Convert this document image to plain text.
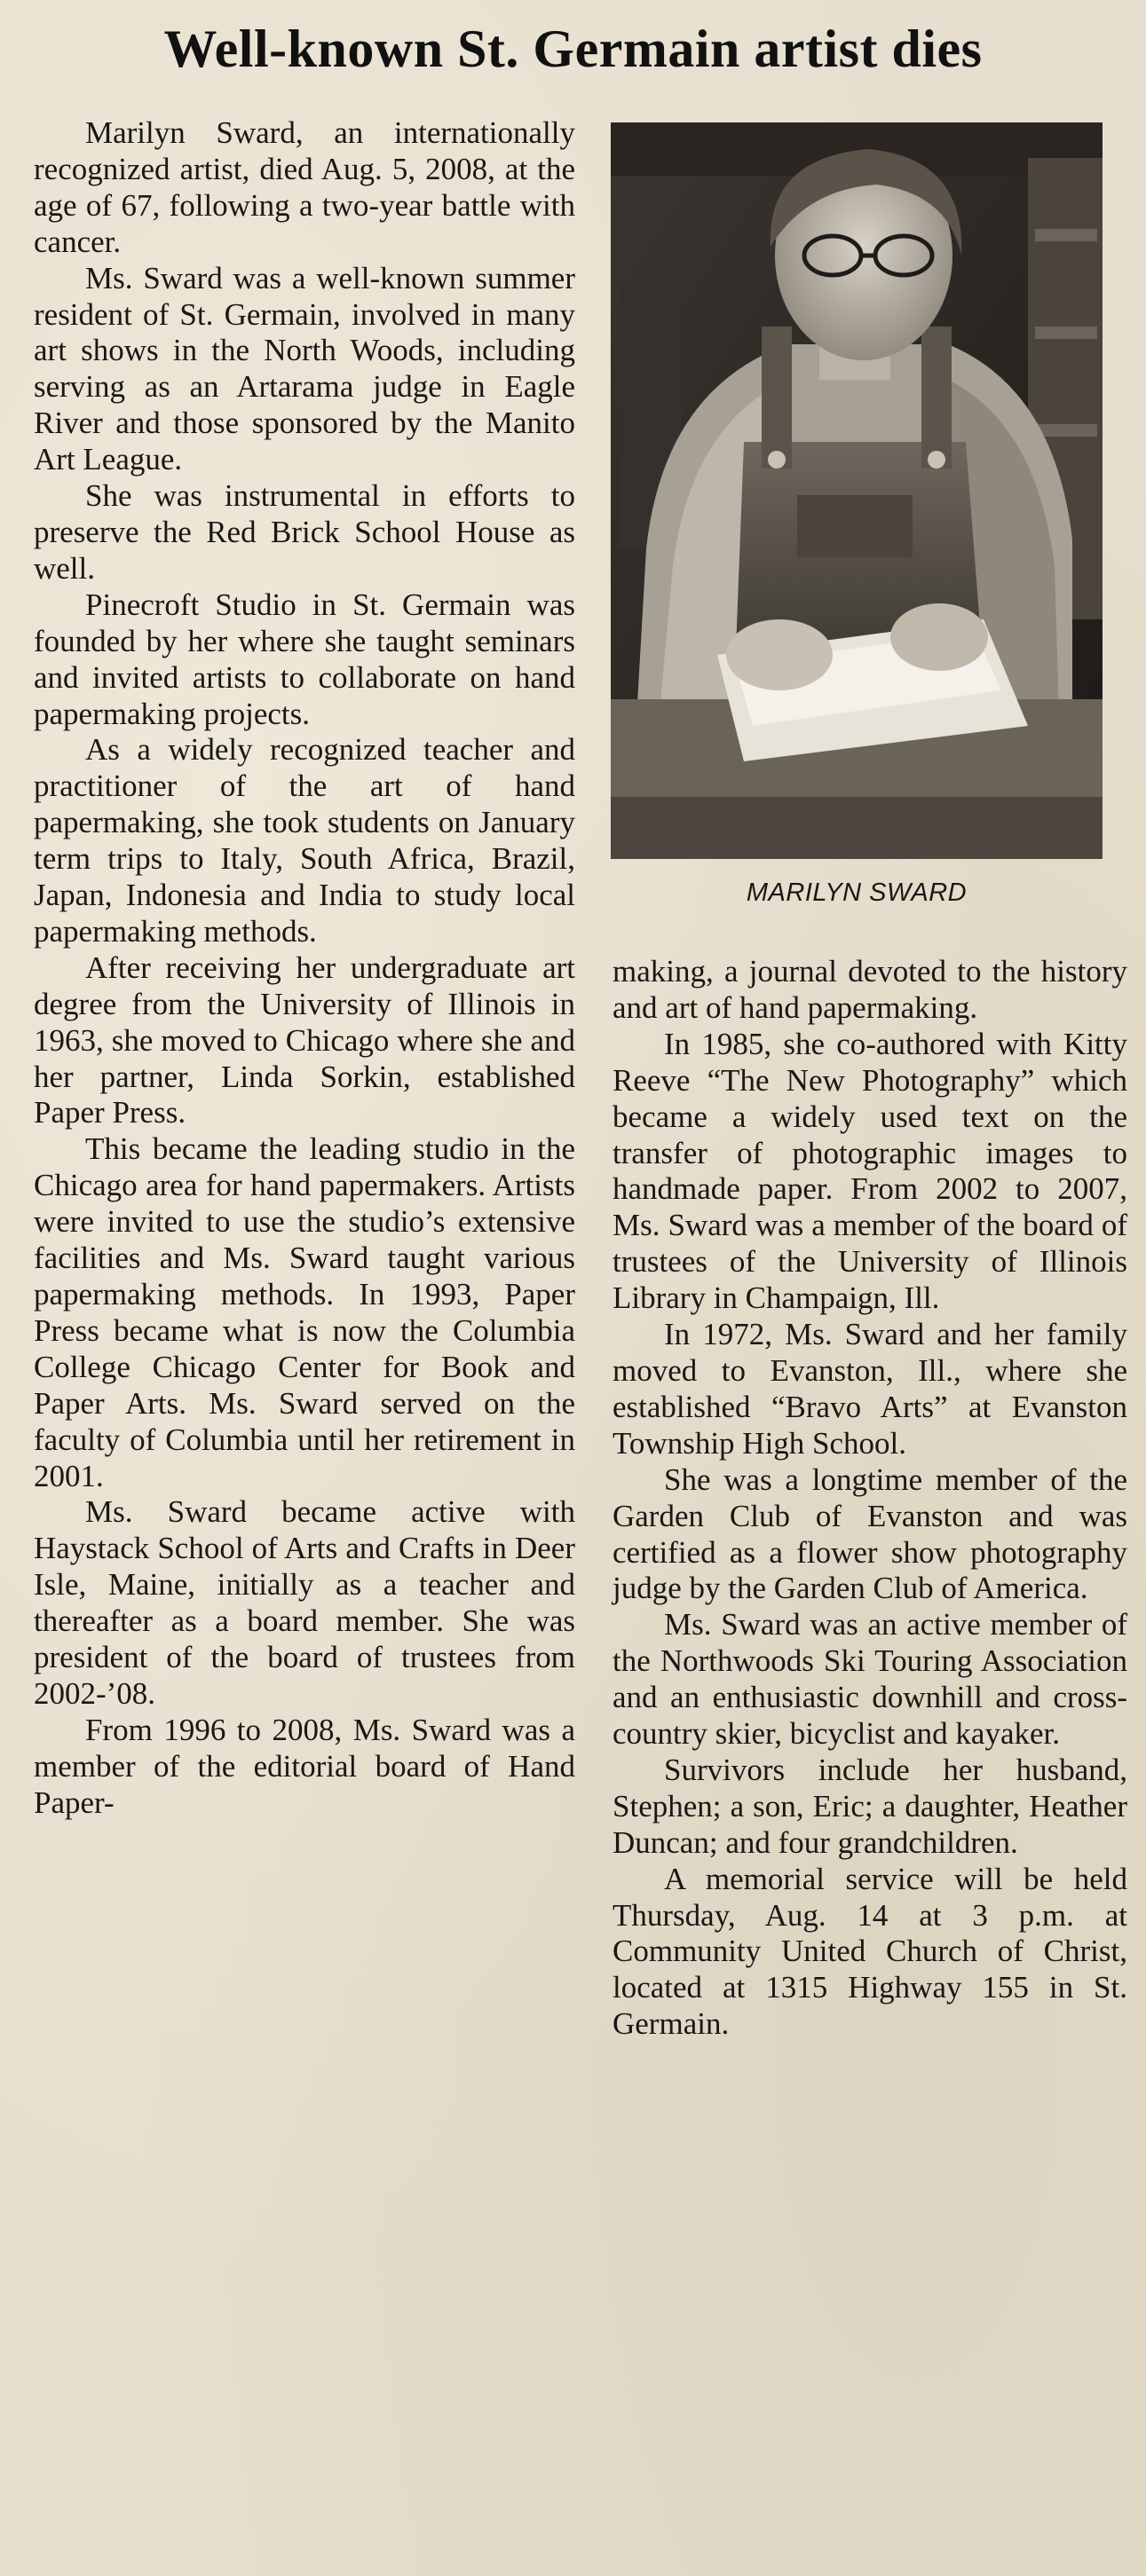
Well-known St. Germain artist dies

Marilyn Sward, an internationally recognized artist, died Aug. 5, 2008, at the age of 67, following a two-year battle with cancer.

Ms. Sward was a well-known summer resident of St. Germain, involved in many art shows in the North Woods, including serving as an Artarama judge in Eagle River and those sponsored by the Manito Art League.

She was instrumental in efforts to preserve the Red Brick School House as well.

Pinecroft Studio in St. Germain was founded by her where she taught seminars and invited artists to collaborate on hand papermaking projects.

As a widely recognized teacher and practitioner of the art of hand papermaking, she took students on January term trips to Italy, South Africa, Brazil, Japan, Indonesia and India to study local papermaking methods.

After receiving her undergraduate art degree from the University of Illinois in 1963, she moved to Chicago where she and her partner, Linda Sorkin, established Paper Press.

This became the leading studio in the Chicago area for hand papermakers. Artists were invited to use the studio’s extensive facilities and Ms. Sward taught various papermaking methods. In 1993, Paper Press became what is now the Columbia College Chicago Center for Book and Paper Arts. Ms. Sward served on the faculty of Columbia until her retirement in 2001.

Ms. Sward became active with Haystack School of Arts and Crafts in Deer Isle, Maine, initially as a teacher and thereafter as a board member. She was president of the board of trustees from 2002-’08.

From 1996 to 2008, Ms. Sward was a member of the editorial board of Hand Paper-

MARILYN SWARD

making, a journal devoted to the history and art of hand papermaking.

In 1985, she co-authored with Kitty Reeve “The New Photography” which became a widely used text on the transfer of photographic images to handmade paper. From 2002 to 2007, Ms. Sward was a member of the board of trustees of the University of Illinois Library in Champaign, Ill.

In 1972, Ms. Sward and her family moved to Evanston, Ill., where she established “Bravo Arts” at Evanston Township High School.

She was a longtime member of the Garden Club of Evanston and was certified as a flower show photography judge by the Garden Club of America.

Ms. Sward was an active member of the Northwoods Ski Touring Association and an enthusiastic downhill and cross-country skier, bicyclist and kayaker.

Survivors include her husband, Stephen; a son, Eric; a daughter, Heather Duncan; and four grandchildren.

A memorial service will be held Thursday, Aug. 14 at 3 p.m. at Community United Church of Christ, located at 1315 Highway 155 in St. Germain.
